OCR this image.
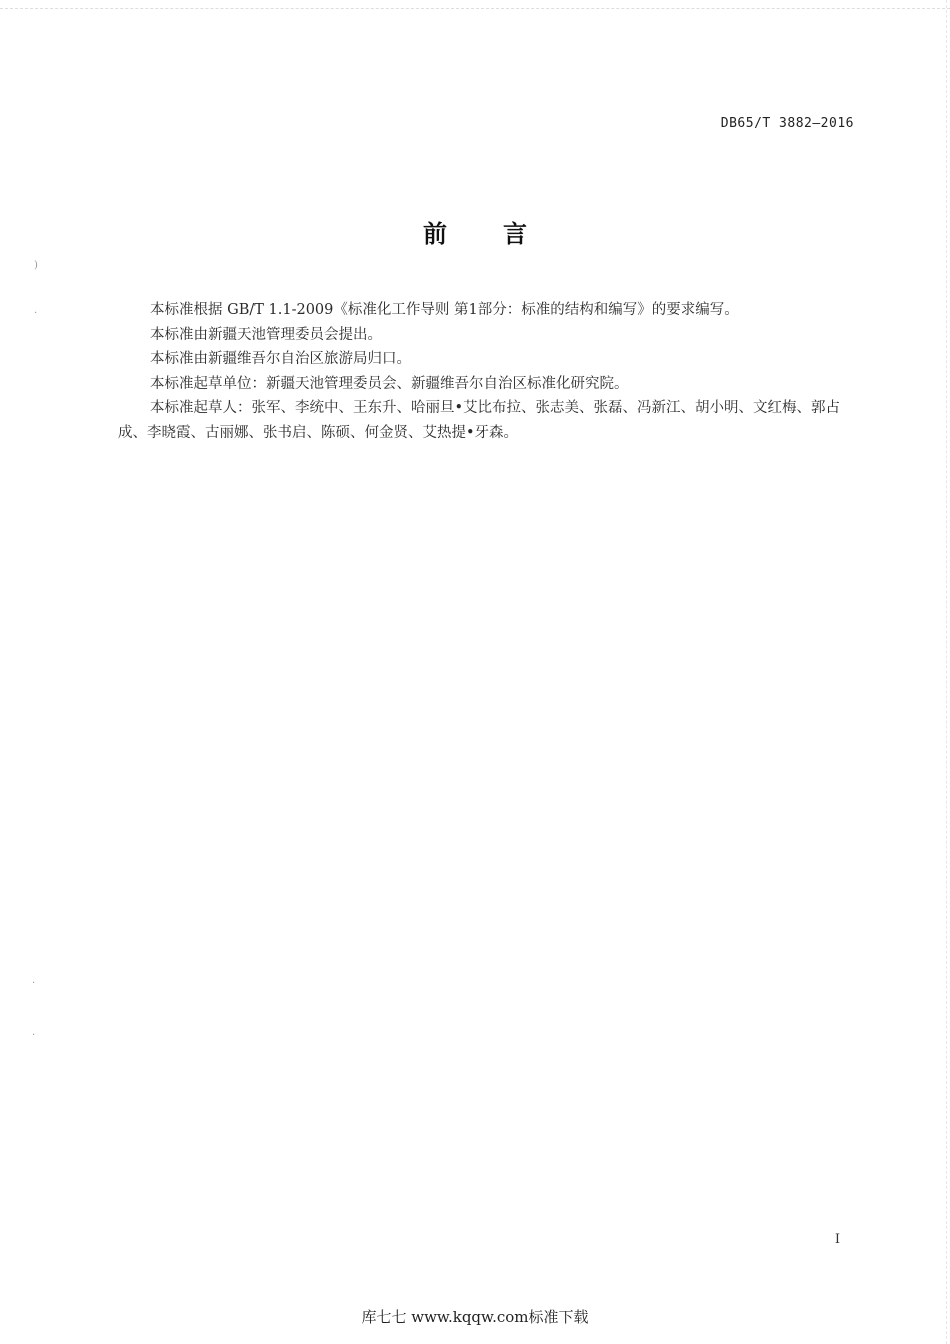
DB65/T 3882—2016
前言
)
·
·
·

本标准根据 GB/T 1.1-2009《标准化工作导则 第1部分：标准的结构和编写》的要求编写。

本标准由新疆天池管理委员会提出。

本标准由新疆维吾尔自治区旅游局归口。

本标准起草单位：新疆天池管理委员会、新疆维吾尔自治区标准化研究院。

本标准起草人：张军、李统中、王东升、哈丽旦•艾比布拉、张志美、张磊、冯新江、胡小明、文红梅、郭占成、李晓霞、古丽娜、张书启、陈硕、何金贤、艾热提•牙森。

I
库七七 www.kqqw.com标准下载
